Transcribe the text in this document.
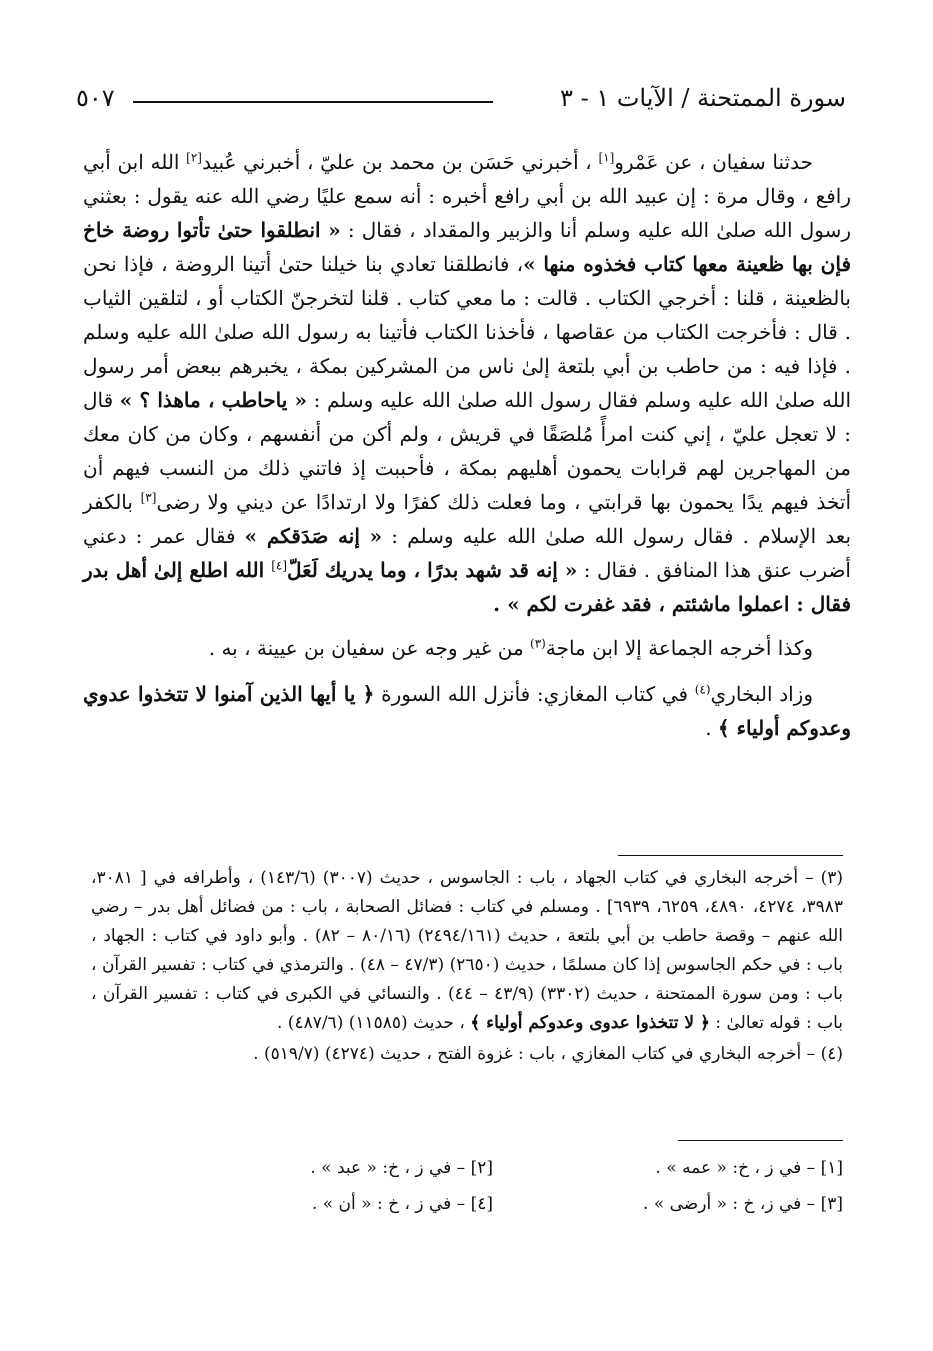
سورة الممتحنة / الآيات ١ - ٣
٥٠٧

حدثنا سفيان ، عن عَمْرو[١] ، أخبرني حَسَن بن محمد بن عليّ ، أخبرني عُبيد[٢] الله ابن أبي رافع ، وقال مرة : إن عبيد الله بن أبي رافع أخبره : أنه سمع عليًا رضي الله عنه يقول : بعثني رسول الله صلىٰ الله عليه وسلم أنا والزبير والمقداد ، فقال : « انطلقوا حتىٰ تأتوا روضة خاخ فإن بها ظعينة معها كتاب فخذوه منها »، فانطلقنا تعادي بنا خيلنا حتىٰ أتينا الروضة ، فإذا نحن بالظعينة ، قلنا : أخرجي الكتاب . قالت : ما معي كتاب . قلنا لتخرجنّ الكتاب أو ، لتلقين الثياب . قال : فأخرجت الكتاب من عقاصها ، فأخذنا الكتاب فأتينا به رسول الله صلىٰ الله عليه وسلم . فإذا فيه : من حاطب بن أبي بلتعة إلىٰ ناس من المشركين بمكة ، يخبرهم ببعض أمر رسول الله صلىٰ الله عليه وسلم فقال رسول الله صلىٰ الله عليه وسلم : « ياحاطب ، ماهذا ؟ » قال : لا تعجل عليّ ، إني كنت امرأً مُلصَقًا في قريش ، ولم أكن من أنفسهم ، وكان من كان معك من المهاجرين لهم قرابات يحمون أهليهم بمكة ، فأحببت إذ فاتني ذلك من النسب فيهم أن أتخذ فيهم يدًا يحمون بها قرابتي ، وما فعلت ذلك كفرًا ولا ارتدادًا عن ديني ولا رضى[٣] بالكفر بعد الإسلام . فقال رسول الله صلىٰ الله عليه وسلم : « إنه صَدَقكم » فقال عمر : دعني أضرب عنق هذا المنافق . فقال : « إنه قد شهد بدرًا ، وما يدريك لَعَلّ[٤] الله اطلع إلىٰ أهل بدر فقال : اعملوا ماشئتم ، فقد غفرت لكم » .

وكذا أخرجه الجماعة إلا ابن ماجة$^{(٣)}$ من غير وجه عن سفيان بن عيينة ، به .

وزاد البخاري$^{(٤)}$ في كتاب المغازي: فأنزل الله السورة ﴿ يا أيها الذين آمنوا لا تتخذوا عدوي وعدوكم أولياء ﴾ .

(٣) – أخرجه البخاري في كتاب الجهاد ، باب : الجاسوس ، حديث (٣٠٠٧) (١٤٣/٦) ، وأطرافه في [ ٣٠٨١، ٣٩٨٣، ٤٢٧٤، ٤٨٩٠، ٦٢٥٩، ٦٩٣٩] . ومسلم في كتاب : فضائل الصحابة ، باب : من فضائل أهل بدر – رضي الله عنهم – وقصة حاطب بن أبي بلتعة ، حديث (٢٤٩٤/١٦١) (٨٠/١٦ – ٨٢) . وأبو داود في كتاب : الجهاد ، باب : في حكم الجاسوس إذا كان مسلمًا ، حديث (٢٦٥٠) (٤٧/٣ – ٤٨) . والترمذي في كتاب : تفسير القرآن ، باب : ومن سورة الممتحنة ، حديث (٣٣٠٢) (٤٣/٩ – ٤٤) . والنسائي في الكبرى في كتاب : تفسير القرآن ، باب : قوله تعالىٰ : ﴿ لا تتخذوا عدوى وعدوكم أولياء ﴾ ، حديث (١١٥٨٥) (٤٨٧/٦) .

(٤) – أخرجه البخاري في كتاب المغازي ، باب : غزوة الفتح ، حديث (٤٢٧٤) (٥١٩/٧) .

[١] – في ز ، خ: « عمه » .
[٢] – في ز ، خ: « عبد » .
[٣] – في ز، خ : « أرضى » .
[٤] – في ز ، خ : « أن » .
